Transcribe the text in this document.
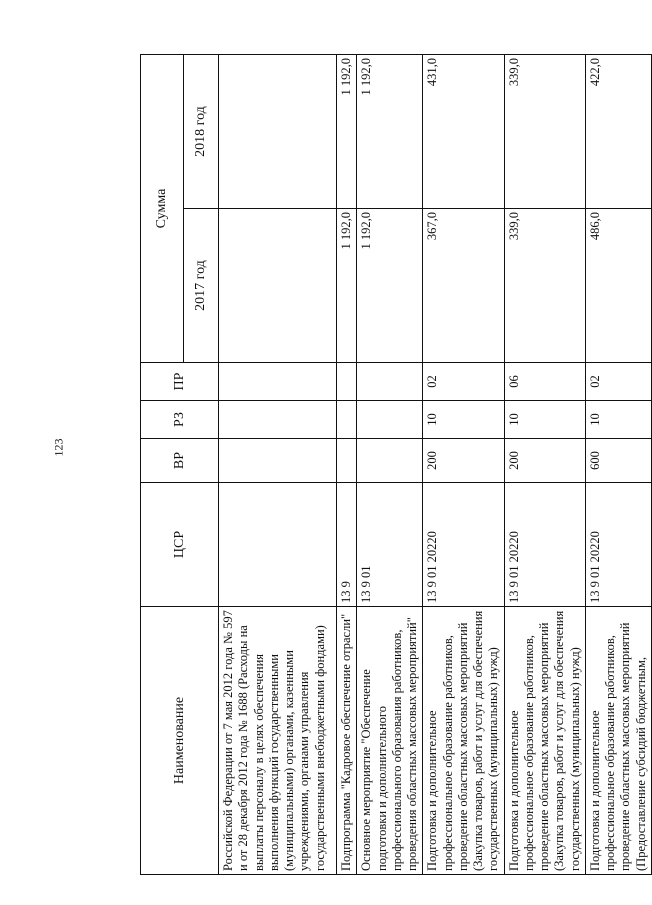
123
Наименование	ЦСР	ВР	РЗ	ПР	Сумма	
					2017 год	2018 год
Российской Федерации от 7 мая 2012 года № 597 и от 28 декабря 2012 года № 1688 (Расходы на выплаты персоналу в целях обеспечения выполнения функций государственными (муниципальными) органами, казенными учреждениями, органами управления государственными внебюджетными фондами)						
Подпрограмма "Кадровое обеспечение отрасли"	13 9				1 192,0	1 192,0
Основное мероприятие "Обеспечение подготовки и дополнительного профессионального образования работников, проведения областных массовых мероприятий"	13 9 01				1 192,0	1 192,0
Подготовка и дополнительное профессиональное образование работников, проведение областных массовых мероприятий (Закупка товаров, работ и услуг для обеспечения государственных (муниципальных) нужд)	13 9 01 20220	200	10	02	367,0	431,0
Подготовка и дополнительное профессиональное образование работников, проведение областных массовых мероприятий (Закупка товаров, работ и услуг для обеспечения государственных (муниципальных) нужд)	13 9 01 20220	200	10	06	339,0	339,0
Подготовка и дополнительное профессиональное образование работников, проведение областных массовых мероприятий (Предоставление субсидий бюджетным,	13 9 01 20220	600	10	02	486,0	422,0
